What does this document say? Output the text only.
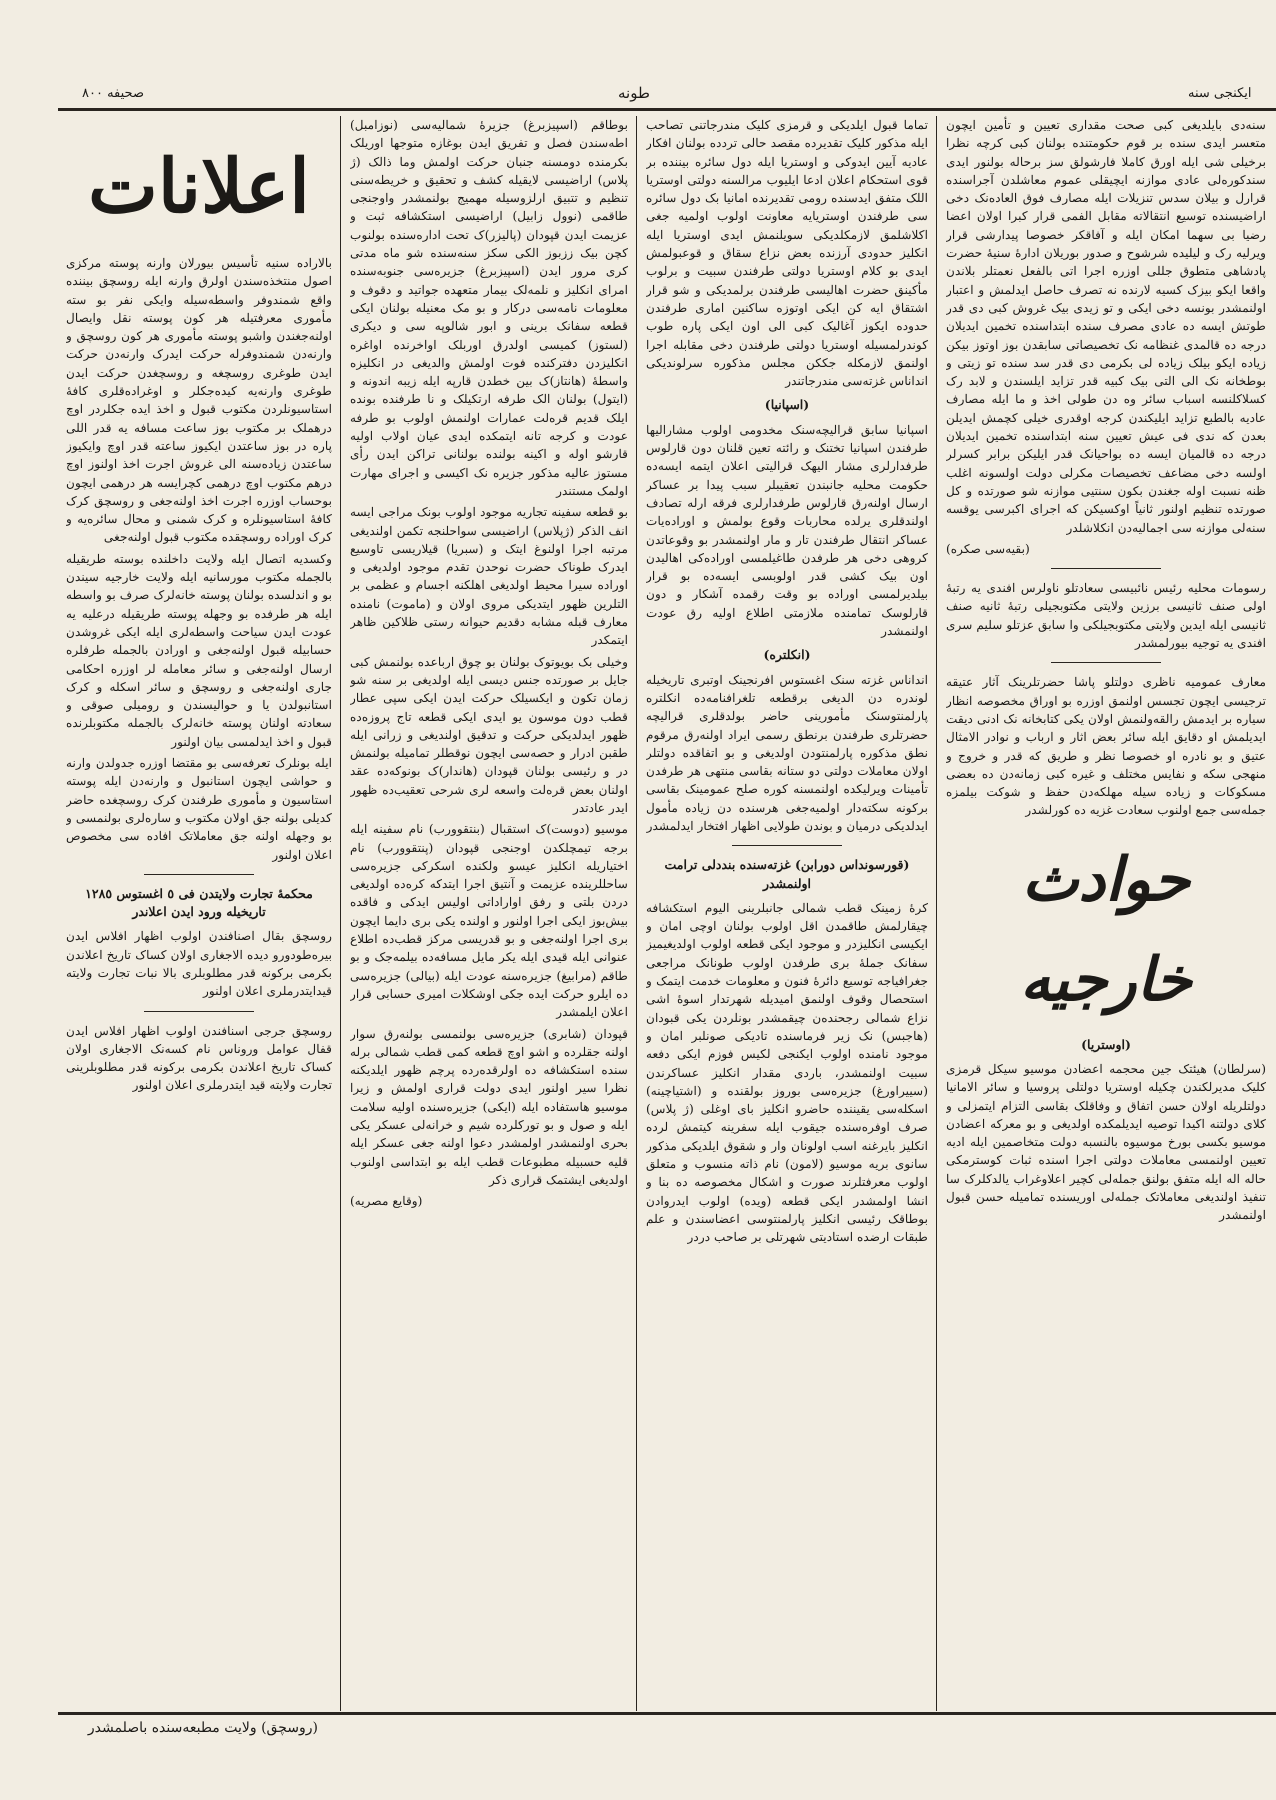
ایکنجی سنه
طونه
صحیفه ۸۰۰

سنه‌دی بایلدیغی کبی صحت مقداری تعیین و تأمین ایچون متعسر ایدی سنده بر قوم حکومتنده بولنان کبی کرچه نظرا برخیلی شی ایله اورق کاملا فارشولق سز برحاله بولنور ایدی سندکوره‌لی عادی موازنه ایچیقلی عموم معاشلدن آجراسنده قرارل و بیلان سدس تنزیلات ایله مصارف فوق العاده‌نک دخی اراضیسنده توسیع انتقالاته مقابل الفمی قرار کبرا اولان اعضا رضیا بی سهما امکان ایله و آفاقکر خصوصا پیدارشی قرار ویرلیه رک و لیلیده شرشوح و صدور بوریلان ادارهٔ سنیهٔ حضرت پادشاهی متطوق جللی اوزره اجرا اتی بالفعل نعمتلر بلاندن واقعا ایکو بیزک کسیه‌ لارنده نه تصرف حاصل ایدلمش و اعتبار اولنمشدر بونسه دخی ایکی و تو زیدی بیک غروش کبی دی قدر طوتش ایسه ده عادی مصرف سنده ابتداسنده تخمین ایدیلان درجه ده قالمدی غنظامه‌ نک تخصیصاتی سابقدن بوز اوتوز بیکن زیاده ایکو بیلک زیاده لی بکرمی دی قدر سد سنده تو زیتی و بوطخانه نک الی التی بیک کبیه قدر تزاید ایلسندن و لابد رک کسلاکلنسه اسباب سائر وه دن طولی اخذ و ما ایله مصارف عادیه بالطبع تزاید ایلیکندن کرجه اوقدری خیلی کچمش ایدیلن بعدن که ندی فی عیش تعیین سنه ابتداسنده تخمین ایدیلان درجه ده قالمیان ایسه ده بواحیانک قدر ایلیکن برابر کسرلر اولسه دخی مضاعف تخصیصات مکرلی دولت اولسونه اغلب ظنه نسبت اوله جغندن بکون سنتیی موازنه شو صورتده و کل صورتده تنظیم اولنور ثانیاً اوکسیکن که اجرای اکبرسی یوقسه سنه‌لی موازنه سی اجمالیه‌دن انکلاشلدر

(بقیه‌سی صکره)

رسومات محلیه رئیس نائبیسی سعادتلو ناولرس افندی یه رتبهٔ اولی صنف ثانیسی برزین ولایتی مکتوبجیلی رتبهٔ ثانیه صنف ثانیسی ایله ایدین ولایتی مکتوبجیلکی وا سابق عزتلو سلیم سری افندی یه توجیه بیورلمشدر

معارف عمومیه ناظری دولتلو پاشا حضرتلرینک آثار عتیقه ترجیسی ایچون تجسس اولنمق اوزره بو اوراق مخصوصه انظار سیاره بر ایدمش رالقه‌ولنمش اولان یکی کتابخانه‌ نک ادنی دیقت ایدیلمش او دقایق ایله سائر بعض اثار و ارباب و نوادر الامثال عتیق و بو نادره او خصوصا نظر و طریق که قدر و خروج و منهجی سکه و نفایس مختلف و غیره کبی زمانه‌دن ده بعضی مسکوکات و زیاده سیله مهلکه‌دن حفظ و شوکت بیلمزه جمله‌سی جمع اولنوب سعادت غزیه ده کورلشدر

حوادث خارجیه
(اوستریا)

(سرلطان) هیئتک جین محجمه اعضادن موسیو سیکل قرمزی کلیک مدیرلکندن چکیله اوستریا دولتلی پروسیا و سائر الامانیا دولتلریله اولان حسن اتفاق و وفاقلک بقاسی التزام ایتمزلی و کلای دولتنه اکیدا توصیه ایدیلمکده اولدیغی و بو معرکه اعضادن موسیو بکسی بورخ موسیوه بالنسبه دولت متخاصمین ایله ادیه تعیین اولنمسی معاملات دولتی اجرا اسنده ثبات کوسترمکی حاله اله ایله متفق بولنق جمله‌لی کچیر اعلاوغراب یالدکلرک سا تنفیذ اولندیغی معاملاتک جمله‌لی اوریسنده تمامیله حسن قبول اولنمشدر

تماما قبول ایلدیکی و قرمزی کلیک مندرجاتنی تصاحب ایله مذکور کلیک تقدیرده مقصد حالی تردده بولنان افکار عادیه آیین ایدوکی و اوستریا ایله دول سائره بیننده بر قوی استحکام اعلان ادعا ایلیوب مرالسنه دولتی اوستریا اللک متفق ایدسنده رومی تقدیرنده امانیا بک دول سائره سی طرفندن اوستریایه معاونت اولوب اولمیه جغی اکلاشلمق لازمکلدیکی سویلنمش ایدی اوستریا ایله انکلیز حدودی آرزنده بعض نزاع سقاق و قوعبولمش ایدی بو کلام اوستریا دولتی طرفندن سبیت و برلوب مأکینق حضرت اهالیسی طرفندن برلمدیکی و شو قرار اشتقاق ایه کن ایکی اوتوزه ساکنین اماری طرفندن حدوده ایکوز آغالیک کبی الی اون ایکی پاره طوب کوندرلمسیله اوستریا دولتی طرفندن دخی مقابله اجرا اولنمق لازمکله جککن مجلس مذکوره سرلوندیکی انداناس غزته‌سی مندرجاتندر

(اسپانیا)

اسپانیا سابق قرالیچه‌سنک مخدومی اولوب مشارالیها طرفندن اسپانیا تختنک و رائته تعین قلنان دون قارلوس طرفدارلری مشار الیهک قرالیتی اعلان ایتمه ایسه‌ده حکومت محلیه جانبندن تعقیبلر سبب پیدا بر عساکر ارسال اولنه‌رق قارلوس طرفدارلری فرقه‌ ارله تصادف اولندقلری یرلده محاربات وقوع بولمش و اوراده‌یات عساکر انتقال طرفندن تار و مار اولنمشدر بو وقوعاتدن کروهی دخی هر طرفدن طاغیلمسی اوراده‌کی اهالیدن اون بیک کشی قدر اولوبسی ایسه‌ده بو قرار بیلدیرلمسی اوراده بو وقت رقمده آشکار و دون قارلوسک تمامنده ملازمتی اطلاع اولیه رق عودت اولنمشدر

(انکلتره)

انداناس غزته‌ سنک اغستوس افرنجینک اوتبری تاریخیله لوندره‌ دن الدیغی برقطعه تلغرافنامه‌ده انکلتره پارلمنتوسنک مأمورینی حاضر بولدقلری قرالیچه حضرتلری طرفندن برنطق رسمی ایراد اولنه‌رق مرقوم نطق مذکوره پارلمنتودن اولدیغی و بو اتفاقده دولتلر اولان معاملات دولتی دو ستانه بقاسی منتهی هر طرفدن تأمینات ویرلیکده اولنمسنه کوره صلح عمومینک بقاسی برکونه سکته‌دار اولمیه‌جغی هرسنده دن زیاده مأمول ایدلدیکی درمیان و بوندن طولایی اظهار افتخار ایدلمشدر

(قورسونداس دورابن) غزته‌سنده بنددلی ترامت اولنمشدر

کرهٔ زمینک قطب شمالی جانبلرینی الیوم استکشافه چیقارلمش طاقمدن اقل اولوب بولنان اوچی امان و ایکیسی انکلیزدر و موجود ایکی قطعه اولوب اولدیغیمیز سفانک جملهٔ بری طرفدن اولوب طونانک مراجعی جغرافیاجه توسیع دائرهٔ فنون و معلومات خدمت ایتمک و استحصال وقوف اولنمق امیدیله شهرتدار اسوهٔ اشی نزاع شمالی رجحنده‌ن چیقمشدر بونلردن یکی قبودان (هاجبس) نک زیر فرماسنده تادیکی صونلبر امان و موجود نامنده اولوب ایکنجی لکیس فوزم ایکی دفعه سبیت اولنمشدر، باردی مقدار انکلیز عساکرندن (سییراورغ) جزیره‌سی بوروز بولقنده و (اشتیاچینه) اسکله‌سی یقیننده حاضرو انکلیز بای اوغلی (ژ پلاس) صرف اوفره‌سنده جیقوب ایله سفرینه کیتمش لرده انکلیز بایرغنه اسب اولونان وار و شقوق ایلدیکی مذکور سانوی بریه موسیو (لامون) نام ذاته منسوب و متعلق اولوب معرفتلرند صورت و اشکال مخصوصه‌ ده بنا و انشا اولمشدر ایکی قطعه (ویده) اولوب ایدروادن بوطاقک رئیسی انکلیز پارلمنتوسی اعضاسندن و علم طبقات ارضده استادیتی شهرتلی بر صاحب دردر

بوطاقم (اسپیزبرغ) جزیرهٔ شمالیه‌سی (نوزامبل) اطه‌سندن فصل و تفریق ایدن بوغازه متوجها اوریلک بکرمنده دومسنه جنبان حرکت اولمش وما ذالک (ژ پلاس) اراضیسی لایقیله کشف و تحقیق و خریطه‌سنی تنظیم و تتبیق ارلزوسیله مهمیج بولنمشدر واوجنجی طاقمی (نوول زابیل) اراضیسی استکشافه ثبت و عزیمت ایدن قپودان (پالیزر)ک تحت اداره‌سنده بولنوب کچن بیک ززبوز الکی سکز سنه‌سنده شو ماه مدتی کری مرور ایدن (اسپیزبرغ) جزیره‌سی جنوبه‌سنده امرای انکلیز و نلمه‌لک بیمار متعهده جواتید و دقوف و معلومات نامه‌سی درکار و بو مک معنیله بولنان ایکی قطعه‌ سفانک برینی و ابور شالوپه‌ سی و دیکری (لستوز) کمیسی اولدرق اوربلک اواخرنده اواغره انکلیزدن دفترکنده فوت اولمش والدیغی در انکلیزه واسطهٔ (هانتاز)ک بین خطدن قارپه‌ ایله زیبه اندونه و (ایتول) بولنان الک طرفه ارتکیلک و نا طرفنده بونده ایلک قدیم قره‌لت عمارات اولنمش اولوب بو طرفه عودت و کرجه تانه ایتمکده ایدی عیان اولاب اولیه قارشو اوله و اکینه بولنده بولنانی تراکن ایدن رأی مستوز عالیه مذکور جزیره‌ نک اکیسی و اجرای مهارت اولمک مستندر

بو قطعه سفینه تجاریه موجود اولوب بونک مراجی ایسه انف الذکر (ژپلاس) اراضیسی سواحلنجه تکمن اولندیغی مرتبه اجرا اولنوغ ایتک و (سبریا) قیلاریسی تاوسیع ایدرک طوناک حضرت نوحدن تقدم موجود اولدیغی و اوراده سیرا محیط اولدیغی اهلکنه اجسام و عظمی بر التلرین ظهور ایتدیکی مروی اولان و (ماموت) نامنده معارف قبله مشابه دقدیم حیوانه رستی ظلاکین ظاهر ایتمکدر

وخیلی بک بویوتوک بولنان بو چوق ارباعده بولنمش کبی جایل بر صورتده جنس دیسی ایله اولدیغی بر سنه شو زمان تکون و ایکسیلک حرکت ایدن ایکی سپی عطار قطب دون موسون یو ایدی ایکی قطعه تاج پروزه‌ده ظهور ایدلدیکی حرکت و تدقیق اولندیغی و زرانی ایله طقبن ادرار و حصه‌سی ایچون نوقطلر تمامیله بولنمش در و رئیسی بولنان قپودان (هاندار)ک بونوکه‌ده عقد اولنان بعض قره‌لت واسعه‌ لری شرحی تعقیب‌ده ظهور ایدر عادتدر

موسیو (دوست)ک استقبال (بنتقوورب) نام سفینه ایله برجه تیمچلکدن اوجنجی قپودان (پنتقوورب) نام اختیاریله انکلیز عیسو ولکنده اسکرکی جزیره‌سی ساحللرینده عزیمت و آنتیق اجرا ایتدکه کره‌ده اولدیغی دردن بلتی و رفق اواراداتی اولیس ایدکی و فاقده بیش‌بوز ایکی اجرا اولنور و اولنده یکی بری دایما ایچون بری اجرا اولنه‌جغی و بو قدریسی مرکز قطب‌ده اطلاع عنوانی ایله قیدی ایله یکر مایل مسافه‌ده بیلمه‌جک و بو طاقم (مرابیغ) جزیره‌سنه عودت ایله (بیالی) جزیره‌سی ده ایلرو حرکت ایده‌ جکی اوشکلات امیری حسابی قرار اعلان ایلمشدر

قپودان (شابری) جزیره‌سی بولنمسی بولنه‌رق سوار اولنه‌ جقلرده و اشو اوچ قطعه کمی قطب شمالی برله‌ سنده استکشافه ده اولرقده‌رده پرچم ظهور ایلدیکنه نظرا سیر اولنور ایدی دولت قراری اولمش و زیرا موسیو هاستفاده‌ ایله (ایکی) جزیره‌سنده اولیه‌ سلامت ایله و صول و بو تورکلرده شیم و خرانه‌لی عسکر یکی بحری اولنمشدر اولمشدر دعوا اولنه‌ جغی عسکر ایله قلیه حسبیله مطبوعات قطب ایله بو ابتداسی اولنوب اولدیغی ایشتمک قراری ذکر

(وقایع مصریه)

اعلانات

بالاراده سنیه تأسیس بیورلان وارنه پوسته مرکزی اصول منتخذه‌سندن اولرق وارنه ایله روسچق بیننده واقع شمندوفر واسطه‌سیله وایکی نفر بو سته مأموری معرفتیله هر کون پوسته نقل وایصال اولنه‌جغندن واشبو پوسته مأموری هر کون روسچق و وارنه‌دن شمندوفرله حرکت ایدرک وارنه‌دن حرکت ایدن طوغری روسچغه و روسچغدن حرکت ایدن طوغری وارنه‌یه کیده‌جکلر و اوغراده‌قلری کافهٔ استاسیونلردن مکتوب قبول و اخذ ایده جکلردر اوچ درهملک بر مکتوب بوز ساعت مسافه‌ یه قدر اللی پاره در بوز ساعتدن ایکیوز ساعته قدر اوچ وایکیوز ساعتدن زیاده‌سنه الی غروش اجرت اخذ اولنوز اوچ درهم مکتوب اوچ درهمی کچرایسه هر درهمی ایچون بوحساب اوزره اجرت اخذ اولنه‌جغی و روسچق کرک کافهٔ استاسیونلره و کرک شمنی و محال سائره‌یه و کرک اوراده روسچقده مکتوب قبول اولنه‌جغی

وکسدیه اتصال ایله ولایت داخلنده بوسته طریقیله بالجمله مکتوب مورسانیه ایله ولایت خارجیه‌ سیندن بو و اندلسده بولنان پوسته خانه‌لرک صرف بو واسطه ایله هر طرفده بو وجهله پوسته طریقیله درعلیه‌ یه عودت ایدن سیاحت واسطه‌لری ایله ایکی غروشدن حسابیله قبول اولنه‌جغی و اورادن بالجمله طرفلره ارسال اولنه‌جغی و سائر معامله‌ لر اوزره احکامی جاری اولنه‌جغی و روسچق و سائر اسکله و کرک استانبولدن یا و حوالیسندن و رومیلی صوقی و سعادته اولنان پوسته خانه‌لرک بالجمله مکتوبلرنده قبول و اخذ ایدلمسی بیان اولنور

ایله بونلرک تعرفه‌سی بو مقتضا اوزره جدولدن وارنه و حواشی ایچون استانبول و وارنه‌دن ایله پوسته استاسیون و مأموری طرفندن کرک روسچغده حاضر کدیلی‌ بولنه‌ جق اولان مکتوب و ساره‌لری بولنمسی و بو وجهله اولنه‌ جق معاملاتک افاده‌ سی مخصوص اعلان اولنور

محکمهٔ تجارت ولایتدن فی ٥ اغستوس ١٢٨٥ تاریخیله ورود ایدن اعلاندر

روسچق بقال اصنافندن اولوب اظهار افلاس ایدن بیره‌طودورو دیده الاجغاری اولان کساک تاریخ اعلاندن بکرمی برکونه قدر مطلوبلری بالا نبات تجارت ولایته قیدایتدرملری اعلان اولنور

روسچق جرجی اسنافندن اولوب اظهار افلاس ایدن قفال عوامل وروناس نام کسه‌نک الاجغاری اولان کساک تاریخ اعلاندن بکرمی برکونه قدر مطلوبلرینی تجارت ولایته قید ایتدرملری اعلان اولنور

(روسچق) ولایت مطبعه‌سنده باصلمشدر
